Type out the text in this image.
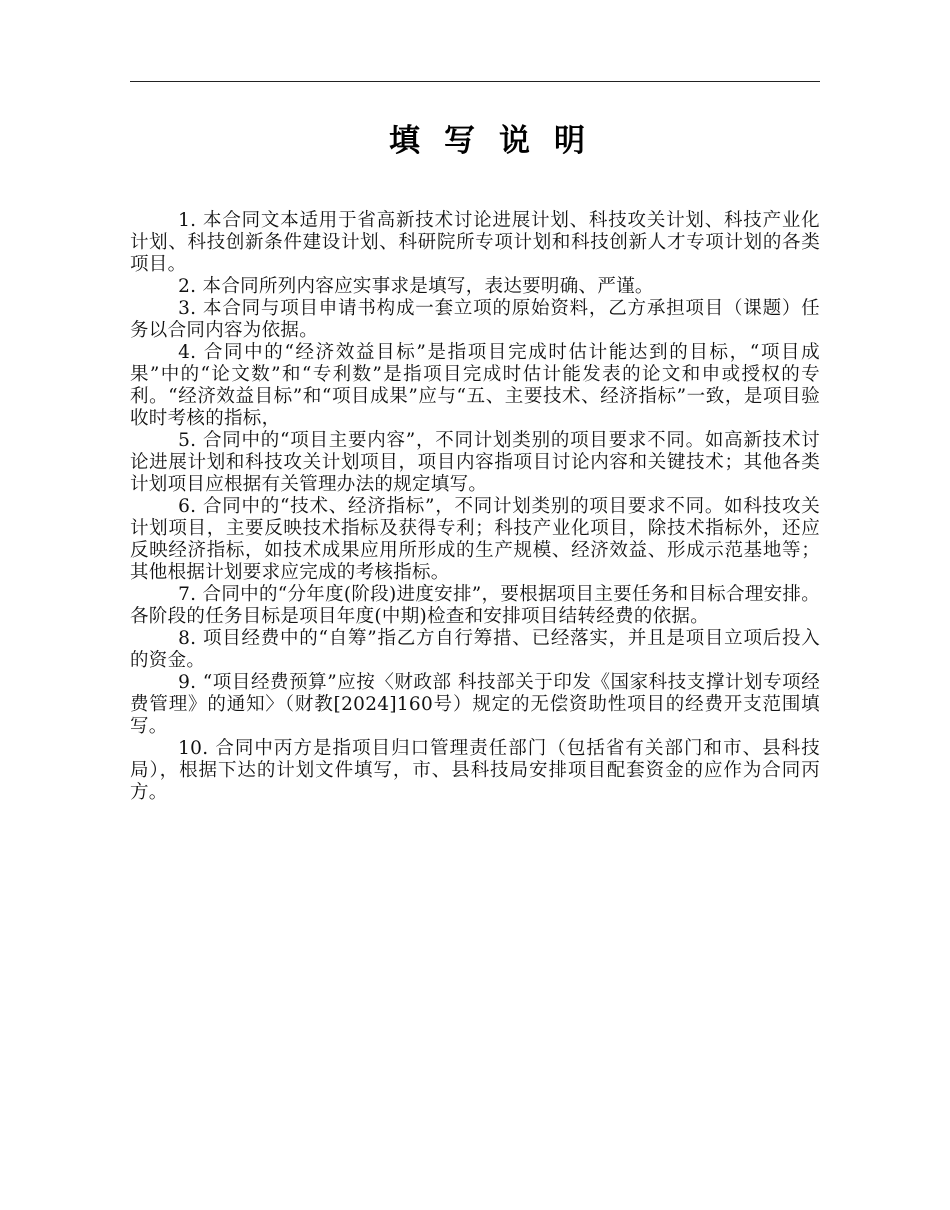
填写说明

1. 本合同文本适用于省高新技术讨论进展计划、科技攻关计划、科技产业化计划、科技创新条件建设计划、科研院所专项计划和科技创新人才专项计划的各类项目。

2. 本合同所列内容应实事求是填写，表达要明确、严谨。

3. 本合同与项目申请书构成一套立项的原始资料，乙方承担项目（课题）任务以合同内容为依据。

4. 合同中的“经济效益目标”是指项目完成时估计能达到的目标，“项目成果”中的“论文数”和“专利数”是指项目完成时估计能发表的论文和申或授权的专利。“经济效益目标”和“项目成果”应与“五、主要技术、经济指标”一致，是项目验收时考核的指标，

5. 合同中的“项目主要内容”，不同计划类别的项目要求不同。如高新技术讨论进展计划和科技攻关计划项目，项目内容指项目讨论内容和关键技术；其他各类计划项目应根据有关管理办法的规定填写。

6. 合同中的“技术、经济指标”，不同计划类别的项目要求不同。如科技攻关计划项目，主要反映技术指标及获得专利；科技产业化项目，除技术指标外，还应反映经济指标，如技术成果应用所形成的生产规模、经济效益、形成示范基地等；其他根据计划要求应完成的考核指标。

7. 合同中的“分年度(阶段)进度安排”，要根据项目主要任务和目标合理安排。各阶段的任务目标是项目年度(中期)检查和安排项目结转经费的依据。

8. 项目经费中的“自筹”指乙方自行筹措、已经落实，并且是项目立项后投入的资金。

9. “项目经费预算”应按〈财政部 科技部关于印发《国家科技支撑计划专项经费管理》的通知〉（财教[2024]160号）规定的无偿资助性项目的经费开支范围填写。

10. 合同中丙方是指项目归口管理责任部门（包括省有关部门和市、县科技局），根据下达的计划文件填写，市、县科技局安排项目配套资金的应作为合同丙方。
